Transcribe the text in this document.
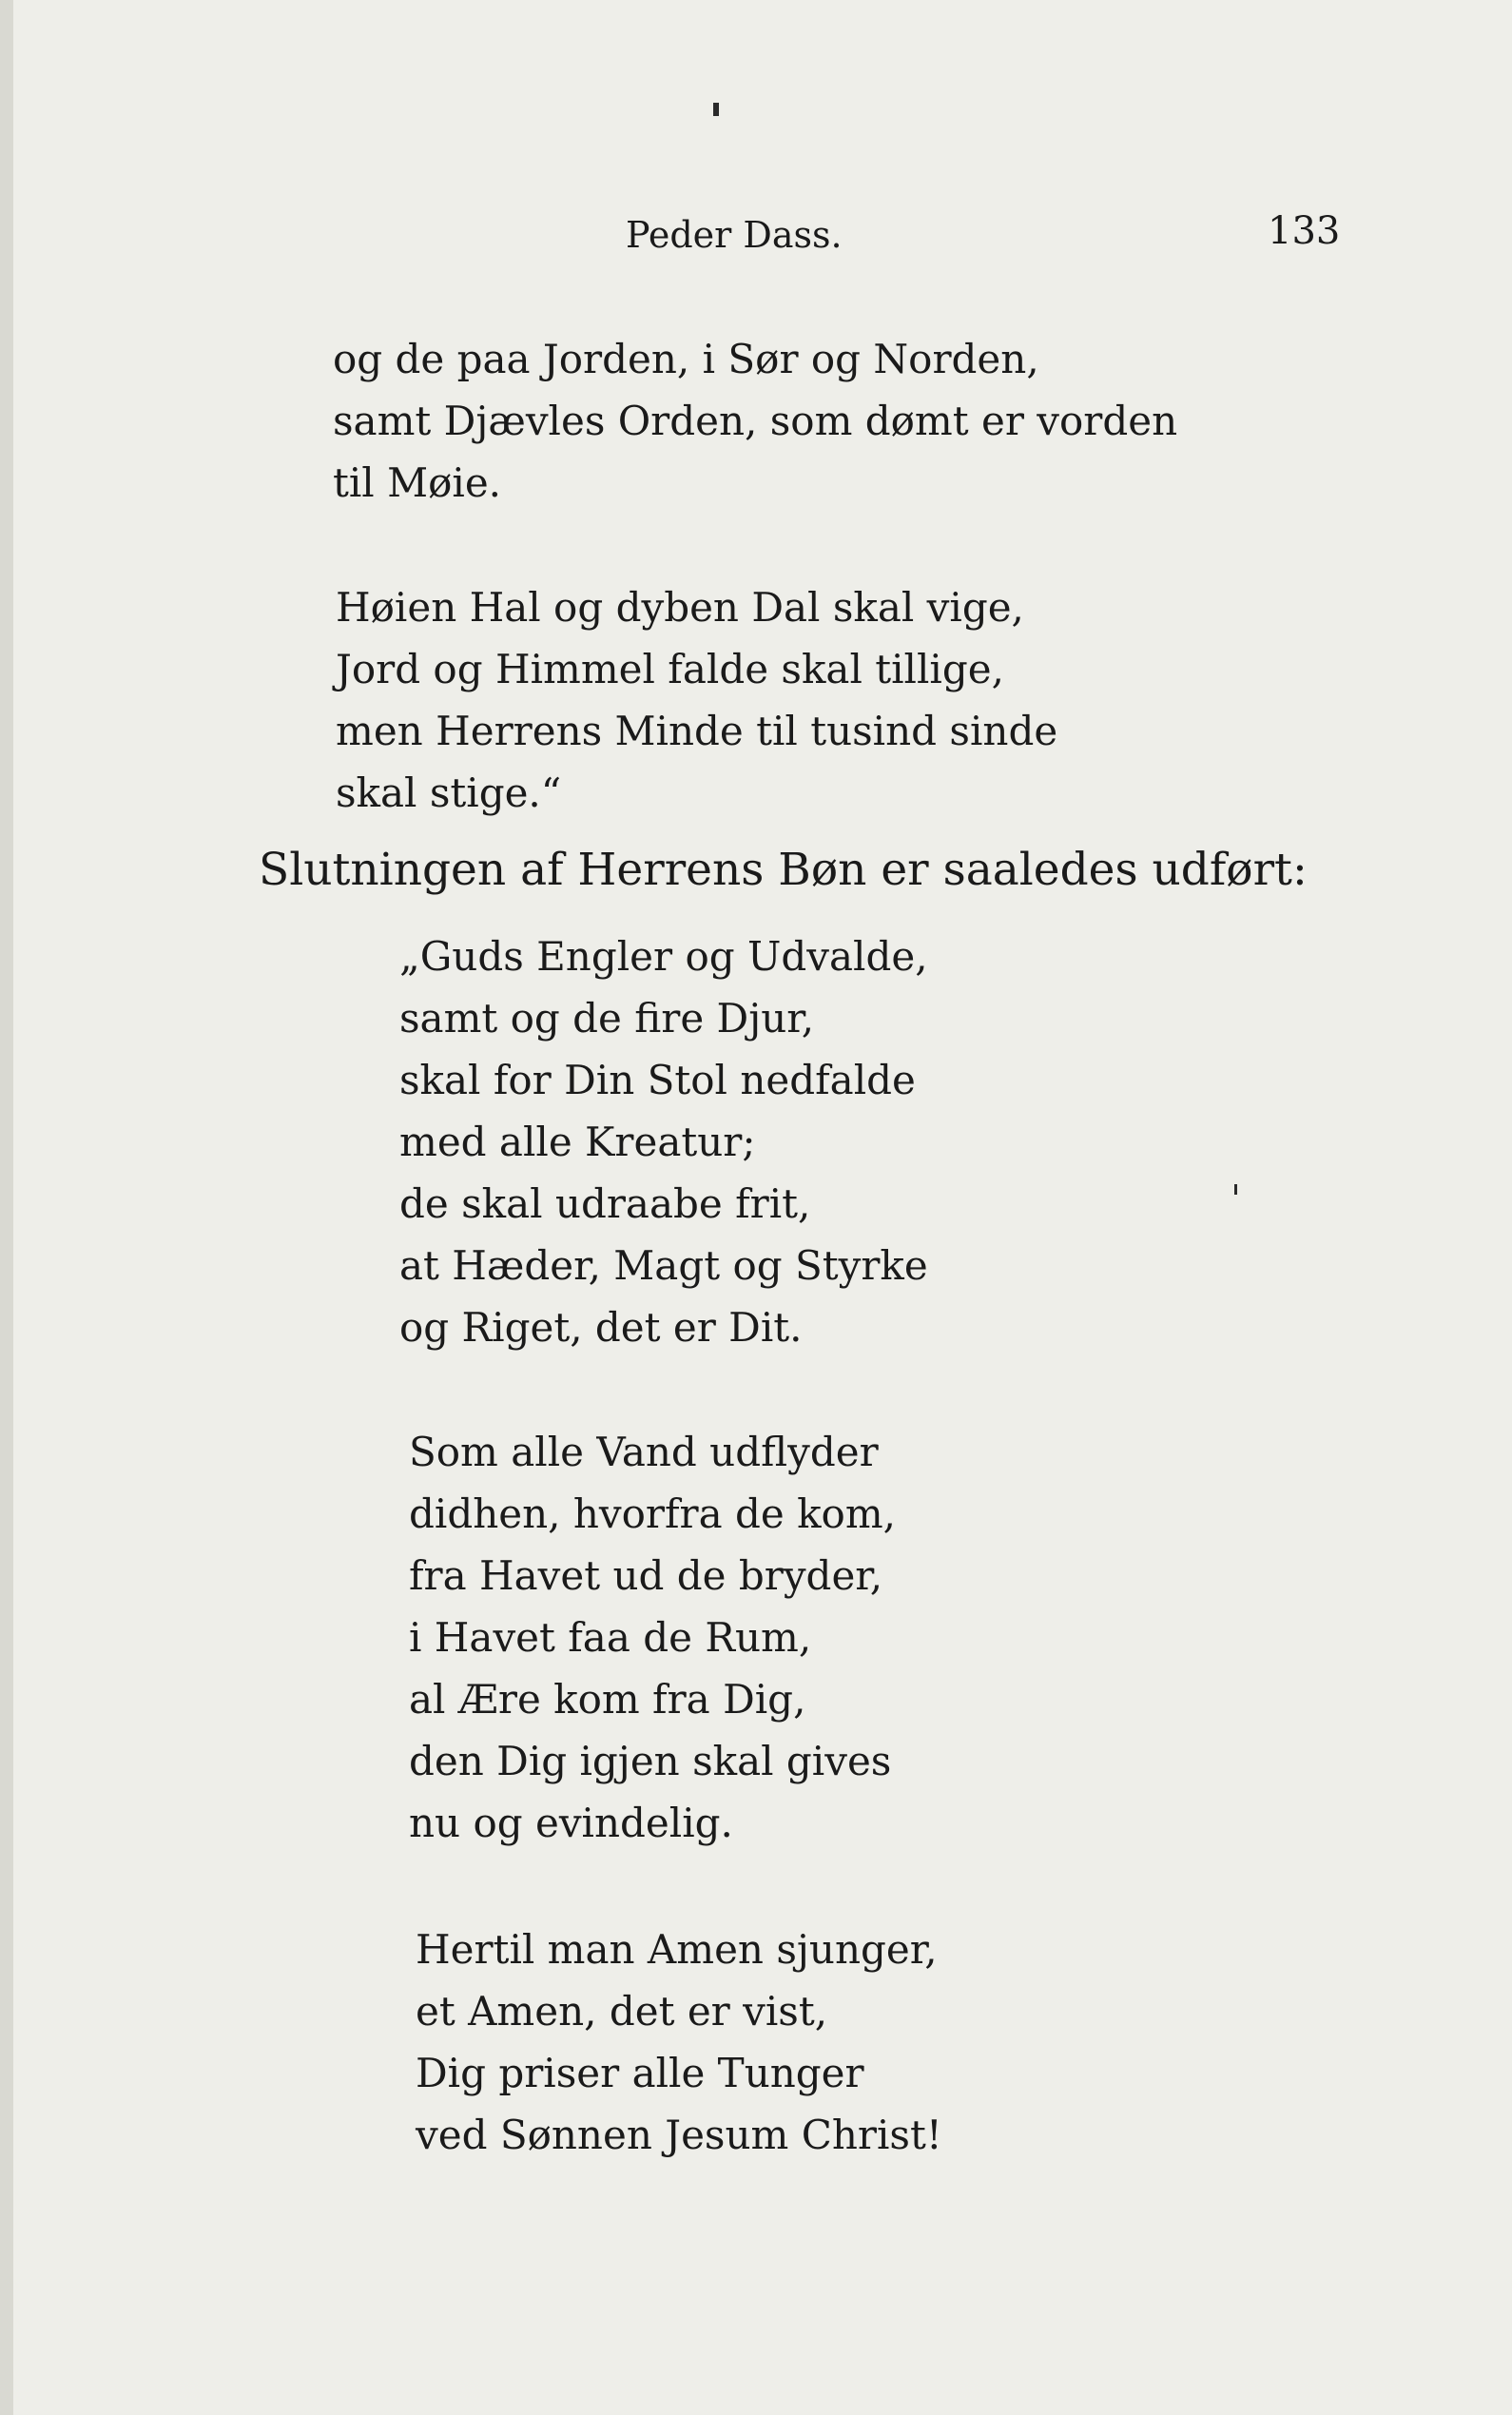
Peder Dass.	133
og de paa Jorden, i Sør og Norden,
samt Djævles Orden, som dømt er vorden
til Møie.
Høien Hal og dyben Dal skal vige,
Jord og Himmel falde skal tillige,
men Herrens Minde til tusind sinde
skal stige.“
Slutningen af Herrens Bøn er saaledes udført:
„Guds Engler og Udvalde,
samt og de fire Djur,
skal for Din Stol nedfalde
med alle Kreatur;
de skal udraabe frit,
at Hæder, Magt og Styrke
og Riget, det er Dit.
Som alle Vand udflyder
didhen, hvorfra de kom,
fra Havet ud de bryder,
i Havet faa de Rum,
al Ære kom fra Dig,
den Dig igjen skal gives
nu og evindelig.
Hertil man Amen sjunger,
et Amen, det er vist,
Dig priser alle Tunger
ved Sønnen Jesum Christ!
